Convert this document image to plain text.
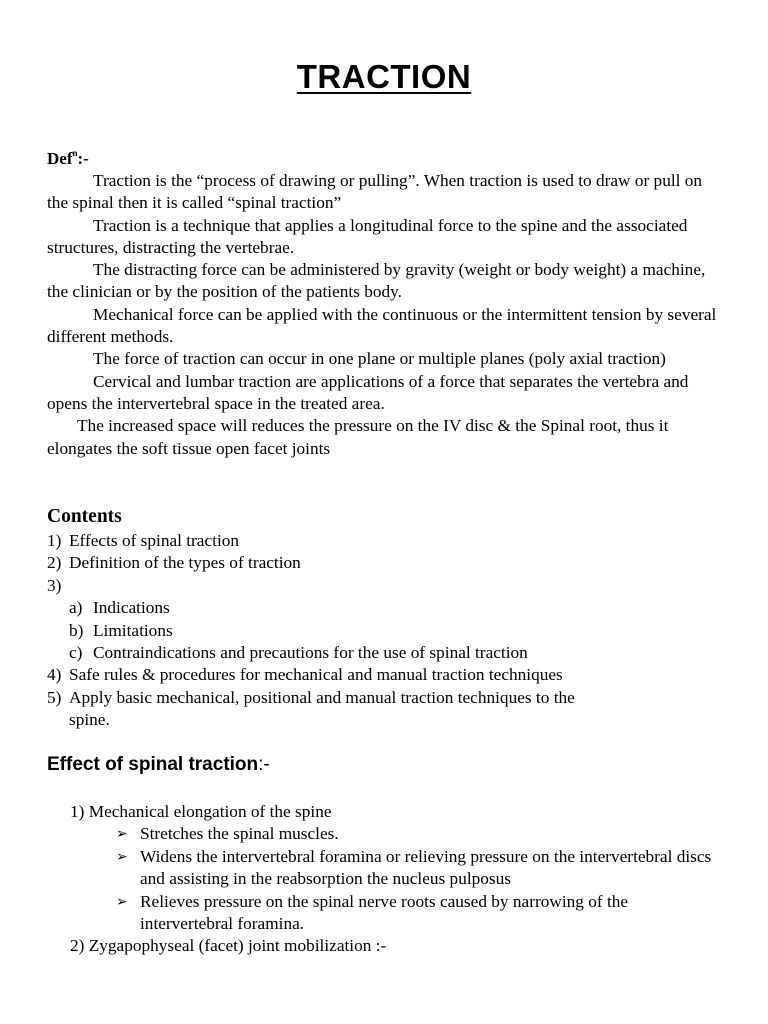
TRACTION
Def$^n$:-

Traction is the “process of drawing or pulling”. When traction is used to draw or pull on the spinal then it is called “spinal traction”

Traction is a technique that applies a longitudinal force to the spine and the associated structures, distracting the vertebrae.

The distracting force can be administered by gravity (weight or body weight) a machine, the clinician or by the position of the patients body.

Mechanical force can be applied with the continuous or the intermittent tension by several different methods.

The force of traction can occur in one plane or multiple planes (poly axial traction)

Cervical and lumbar traction are applications of a force that separates the vertebra and opens the intervertebral space in the treated area.

The increased space will reduces the pressure on the IV disc & the Spinal root, thus it elongates the soft tissue open facet joints

Contents
1) Effects of spinal traction
2) Definition of the types of traction
3)
a) Indications
b) Limitations
c) Contraindications and precautions for the use of spinal traction
4) Safe rules & procedures for mechanical and manual traction techniques
5) Apply basic mechanical, positional and manual traction techniques to the
spine.
Effect of spinal traction:-
1) Mechanical elongation of the spine
➢ Stretches the spinal muscles.
➢ Widens the intervertebral foramina or relieving pressure on the intervertebral discs and assisting in the reabsorption the nucleus pulposus
➢ Relieves pressure on the spinal nerve roots caused by narrowing of the intervertebral foramina.
2) Zygapophyseal (facet) joint mobilization :-
